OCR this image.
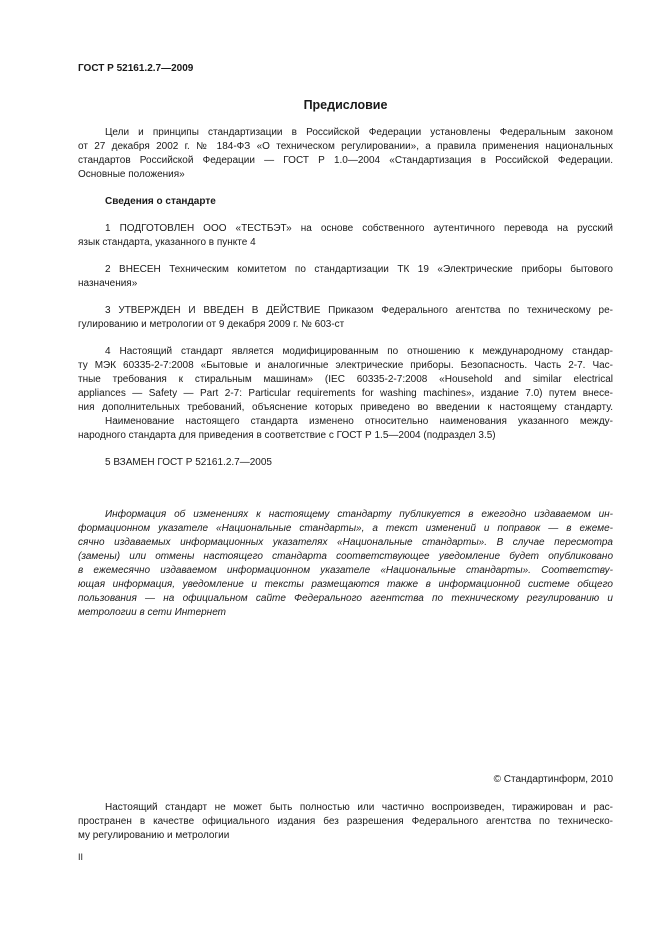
ГОСТ Р 52161.2.7—2009
Предисловие
Цели и принципы стандартизации в Российской Федерации установлены Федеральным законом
от 27 декабря 2002 г. № 184-ФЗ «О техническом регулировании», а правила применения национальных
стандартов Российской Федерации — ГОСТ Р 1.0—2004 «Стандартизация в Российской Федерации.
Основные положения»
Сведения о стандарте
1 ПОДГОТОВЛЕН ООО «ТЕСТБЭТ» на основе собственного аутентичного перевода на русский
язык стандарта, указанного в пункте 4
2 ВНЕСЕН Техническим комитетом по стандартизации ТК 19 «Электрические приборы бытового
назначения»
3 УТВЕРЖДЕН И ВВЕДЕН В ДЕЙСТВИЕ Приказом Федерального агентства по техническому ре-
гулированию и метрологии от 9 декабря 2009 г. № 603-ст
4 Настоящий стандарт является модифицированным по отношению к международному стандар-
ту МЭК 60335-2-7:2008 «Бытовые и аналогичные электрические приборы. Безопасность. Часть 2-7. Час-
тные требования к стиральным машинам» (IEC 60335-2-7:2008 «Household and similar electrical
appliances — Safety — Part 2-7: Particular requirements for washing machines», издание 7.0) путем внесе-
ния дополнительных требований, объяснение которых приведено во введении к настоящему стандарту.
Наименование настоящего стандарта изменено относительно наименования указанного между-
народного стандарта для приведения в соответствие с ГОСТ Р 1.5—2004 (подраздел 3.5)
5 ВЗАМЕН ГОСТ Р 52161.2.7—2005
Информация об изменениях к настоящему стандарту публикуется в ежегодно издаваемом ин-
формационном указателе «Национальные стандарты», а текст изменений и поправок — в ежеме-
сячно издаваемых информационных указателях «Национальные стандарты». В случае пересмотра
(замены) или отмены настоящего стандарта соответствующее уведомление будет опубликовано
в ежемесячно издаваемом информационном указателе «Национальные стандарты». Соответству-
ющая информация, уведомление и тексты размещаются также в информационной системе общего
пользования — на официальном сайте Федерального агентства по техническому регулированию и
метрологии в сети Интернет
© Стандартинформ, 2010
Настоящий стандарт не может быть полностью или частично воспроизведен, тиражирован и рас-
пространен в качестве официального издания без разрешения Федерального агентства по техническо-
му регулированию и метрологии
II
